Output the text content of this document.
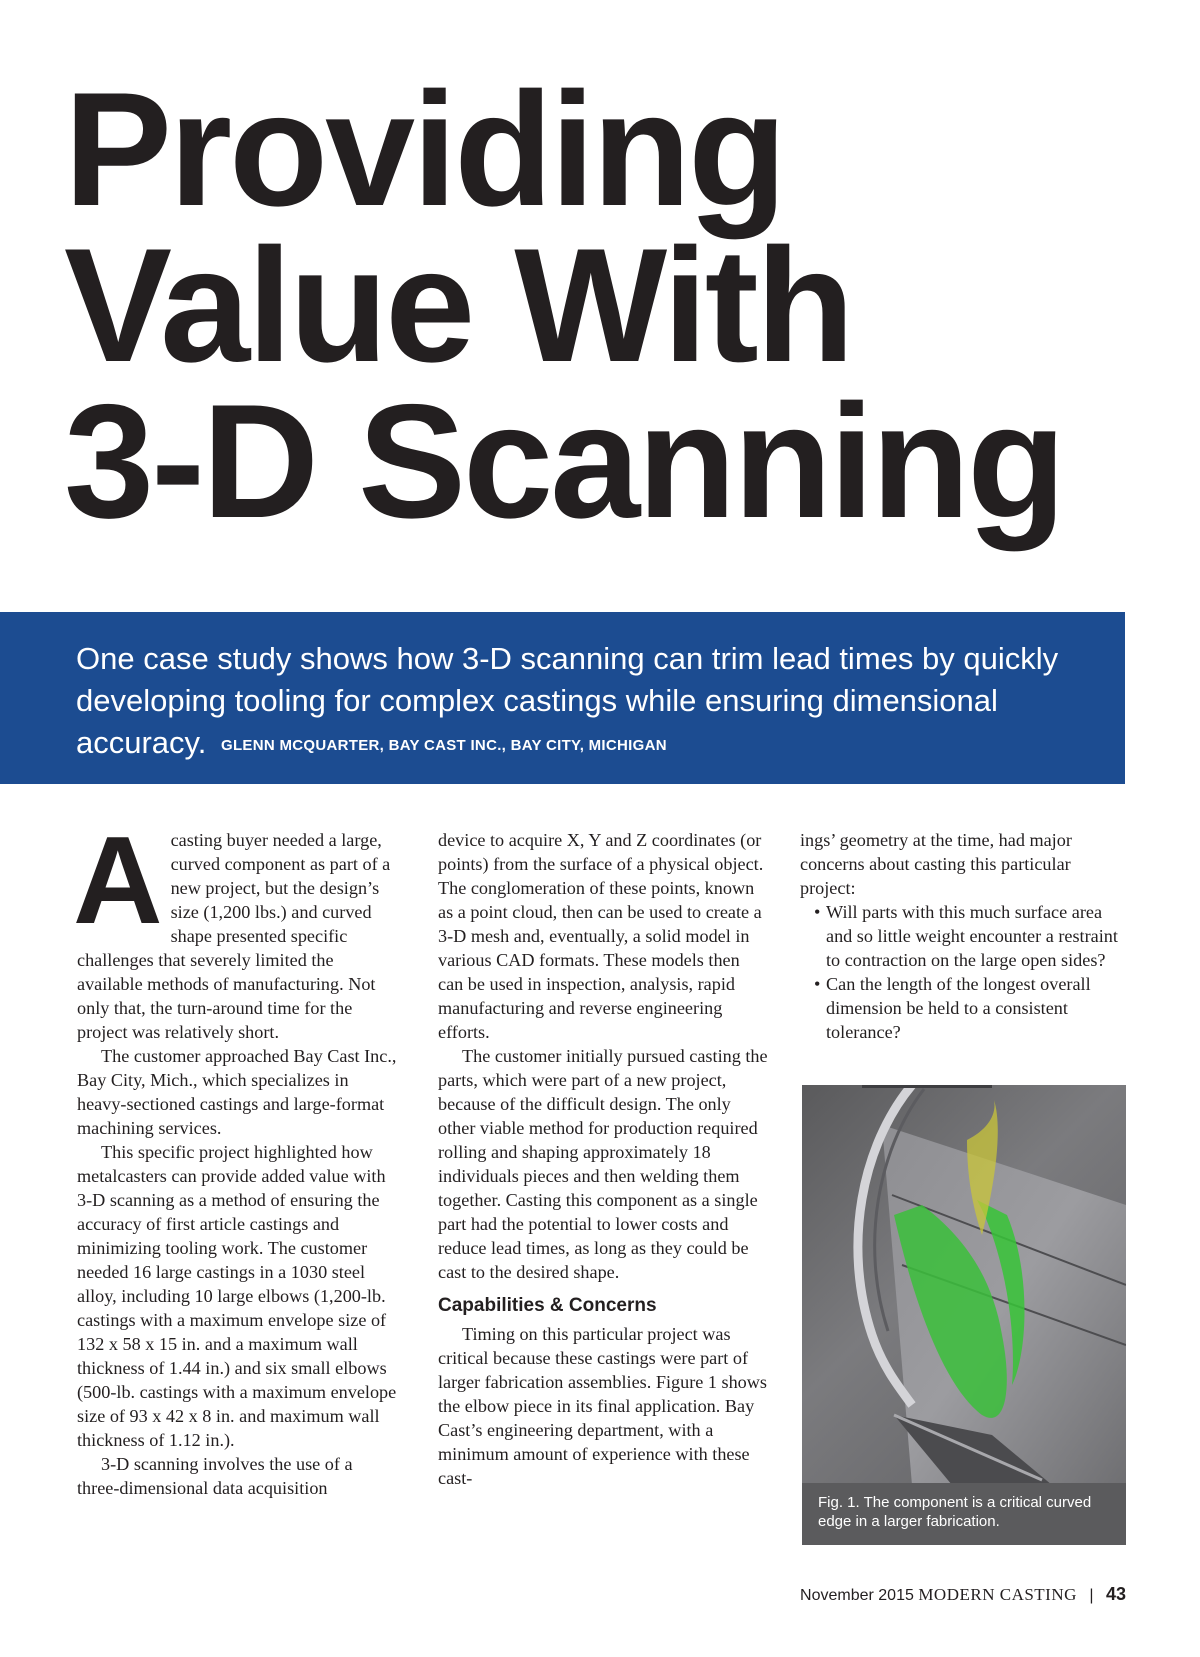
Providing
Value With
3-D Scanning
One case study shows how 3-D scanning can trim lead times by quickly developing tooling for complex castings while ensuring dimensional accuracy. GLENN MCQUARTER, BAY CAST INC., BAY CITY, MICHIGAN
A casting buyer needed a large, curved component as part of a new project, but the design’s size (1,200 lbs.) and curved shape presented specific challenges that severely limited the available methods of manufacturing. Not only that, the turn-around time for the project was relatively short.

The customer approached Bay Cast Inc., Bay City, Mich., which specializes in heavy-sectioned castings and large-format machining services.

This specific project highlighted how metalcasters can provide added value with 3-D scanning as a method of ensuring the accuracy of first article castings and minimizing tooling work. The customer needed 16 large castings in a 1030 steel alloy, including 10 large elbows (1,200-lb. castings with a maximum envelope size of 132 x 58 x 15 in. and a maximum wall thickness of 1.44 in.) and six small elbows (500-lb. castings with a maximum envelope size of 93 x 42 x 8 in. and maximum wall thickness of 1.12 in.).

3-D scanning involves the use of a three-dimensional data acquisition

device to acquire X, Y and Z coordinates (or points) from the surface of a physical object. The conglomeration of these points, known as a point cloud, then can be used to create a 3-D mesh and, eventually, a solid model in various CAD formats. These models then can be used in inspection, analysis, rapid manufacturing and reverse engineering efforts.

The customer initially pursued casting the parts, which were part of a new project, because of the difficult design. The only other viable method for production required rolling and shaping approximately 18 individuals pieces and then welding them together. Casting this component as a single part had the potential to lower costs and reduce lead times, as long as they could be cast to the desired shape.

Capabilities & Concerns

Timing on this particular project was critical because these castings were part of larger fabrication assemblies. Figure 1 shows the elbow piece in its final application. Bay Cast’s engineering department, with a minimum amount of experience with these cast-

ings’ geometry at the time, had major concerns about casting this particular project:

• Will parts with this much surface area and so little weight encounter a restraint to contraction on the large open sides?
• Can the length of the longest overall dimension be held to a consistent tolerance?
Fig. 1. The component is a critical curved edge in a larger fabrication.
November 2015 MODERN CASTING | 43
